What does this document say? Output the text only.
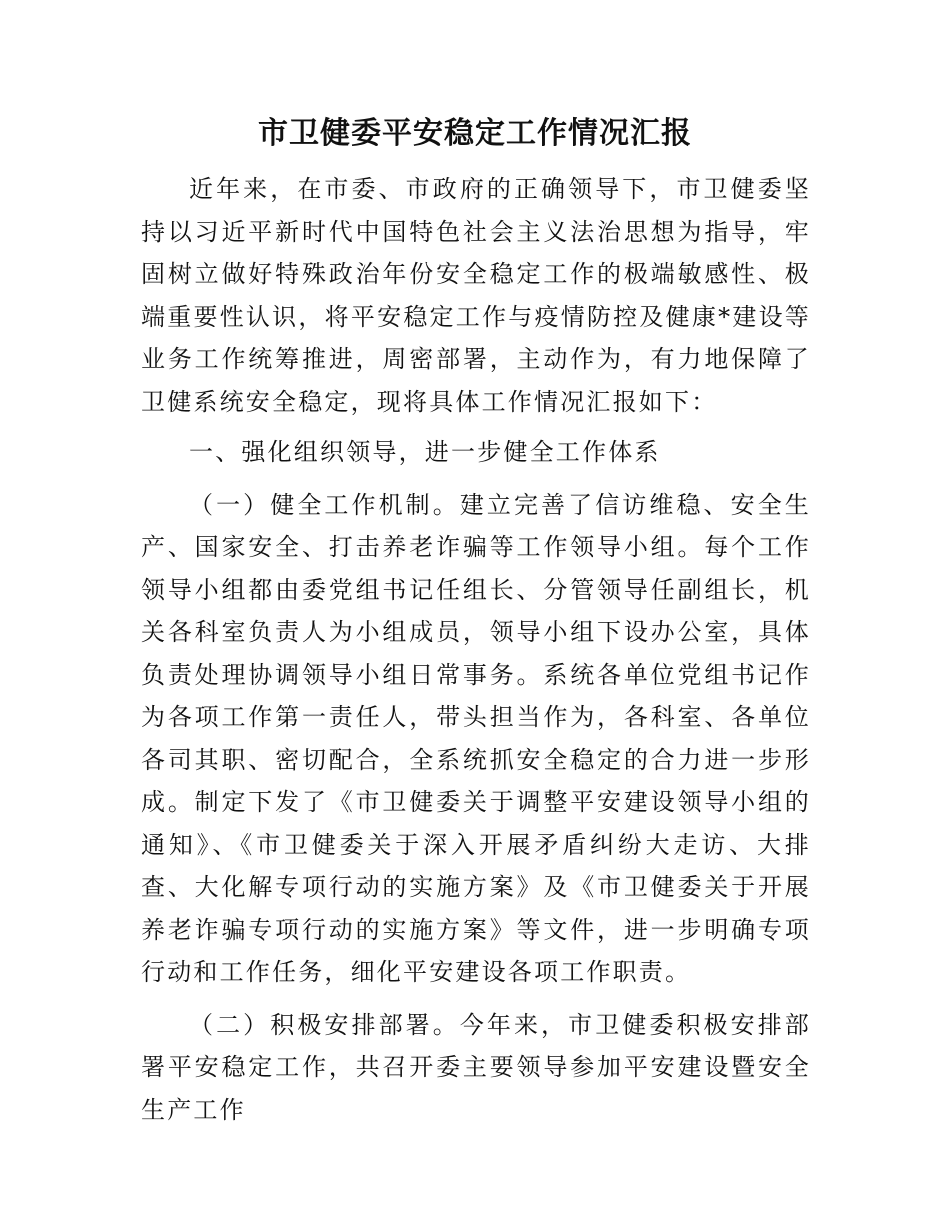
市卫健委平安稳定工作情况汇报

近年来，在市委、市政府的正确领导下，市卫健委坚持以习近平新时代中国特色社会主义法治思想为指导，牢固树立做好特殊政治年份安全稳定工作的极端敏感性、极端重要性认识，将平安稳定工作与疫情防控及健康*建设等业务工作统筹推进，周密部署，主动作为，有力地保障了卫健系统安全稳定，现将具体工作情况汇报如下：

一、强化组织领导，进一步健全工作体系

（一）健全工作机制。建立完善了信访维稳、安全生产、国家安全、打击养老诈骗等工作领导小组。每个工作领导小组都由委党组书记任组长、分管领导任副组长，机关各科室负责人为小组成员，领导小组下设办公室，具体负责处理协调领导小组日常事务。系统各单位党组书记作为各项工作第一责任人，带头担当作为，各科室、各单位各司其职、密切配合，全系统抓安全稳定的合力进一步形成。制定下发了《市卫健委关于调整平安建设领导小组的通知》、《市卫健委关于深入开展矛盾纠纷大走访、大排查、大化解专项行动的实施方案》及《市卫健委关于开展养老诈骗专项行动的实施方案》等文件，进一步明确专项行动和工作任务，细化平安建设各项工作职责。

（二）积极安排部署。今年来，市卫健委积极安排部署平安稳定工作，共召开委主要领导参加平安建设暨安全生产工作
